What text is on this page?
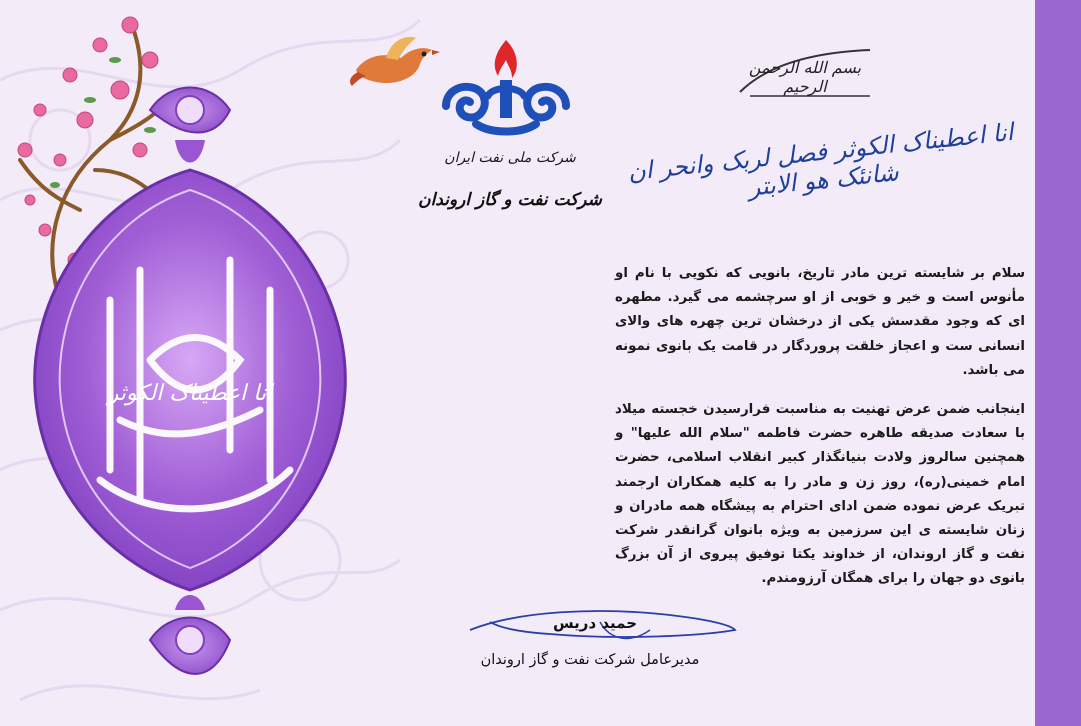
انا اعطیناک الکوثر
شرکت ملی نفت ایران
شرکت نفت و گاز اروندان
بسم الله الرحمن الرحیم
انا اعطیناک الکوثر فصل لربک وانحر ان شانئک هو الابتر

سلام بر شایسته ترین مادر تاریخ، بانویی که نکویی با نام او مأنوس است و خیر و خوبی از او سرچشمه می گیرد. مطهره ای که وجود مقدسش یکی از درخشان ترین چهره های والای انسانی ست و اعجاز خلقت پروردگار در قامت یک بانوی نمونه می باشد.

اینجانب ضمن عرض تهنیت به مناسبت فرارسیدن خجسته میلاد با سعادت صدیقه طاهره حضرت فاطمه "سلام الله علیها" و همچنین سالروز ولادت بنیانگذار کبیر انقلاب اسلامی، حضرت امام خمینی(ره)، روز زن و مادر را به کلیه همکاران ارجمند تبریک عرض نموده ضمن ادای احترام به پیشگاه همه مادران و زنان شایسته ی این سرزمین به ویژه بانوان گرانقدر شرکت نفت و گاز اروندان، از خداوند یکتا توفیق پیروی از آن بزرگ بانوی دو جهان را برای همگان آرزومندم.

حمید دریس
مدیرعامل شرکت نفت و گاز اروندان
